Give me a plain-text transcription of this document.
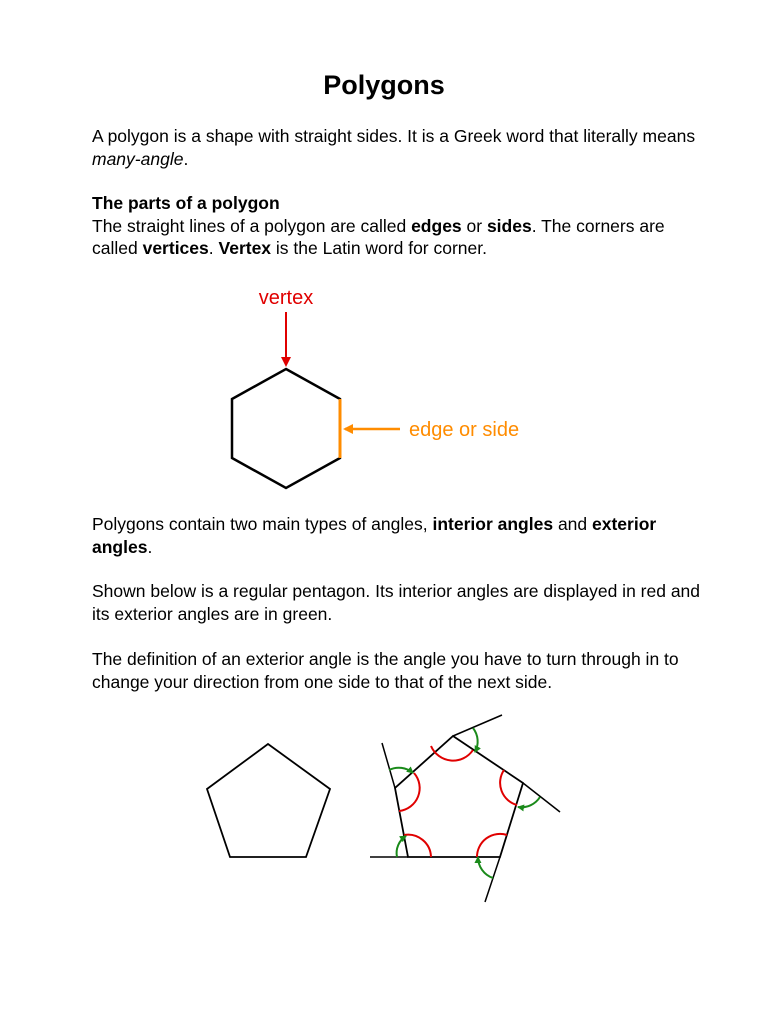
Polygons

A polygon is a shape with straight sides. It is a Greek word that literally means many-angle.

The parts of a polygon
The straight lines of a polygon are called edges or sides. The corners are called vertices. Vertex is the Latin word for corner.

Polygons contain two main types of angles, interior angles and exterior angles.

Shown below is a regular pentagon. Its interior angles are displayed in red and its exterior angles are in green.

The definition of an exterior angle is the angle you have to turn through in to change your direction from one side to that of the next side.

vertex
edge or side
